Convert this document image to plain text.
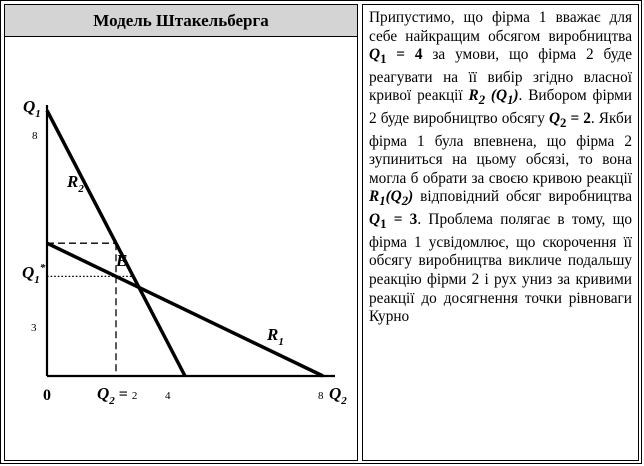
Модель Штакельберга
$Q_1$
$Q_2$
0
8
3
4	8
$Q_1^*$
$Q_2 = 2$
E
$R_2$
$R_1$

Припустимо, що фірма 1 вважає для себе найкращим обсягом виробництва $Q_1 = 4$ за умови, що фірма 2 буде реагувати на її вибір згідно власної кривої реакції $R_2$ $(Q_1)$. Вибором фірми 2 буде виробництво обсягу $Q_2 = 2$. Якби фірма 1 була впевнена, що фірма 2 зупиниться на цьому обсязі, то вона могла б обрати за своєю кривою реакції $R_1(Q_2)$ відповідний обсяг виробництва $Q_1 = 3$. Проблема полягає в тому, що фірма 1 усвідомлює, що скорочення її обсягу виробництва викличе подальшу реакцію фірми 2 і рух униз за кривими реакції до досягнення точки рівноваги Курно
